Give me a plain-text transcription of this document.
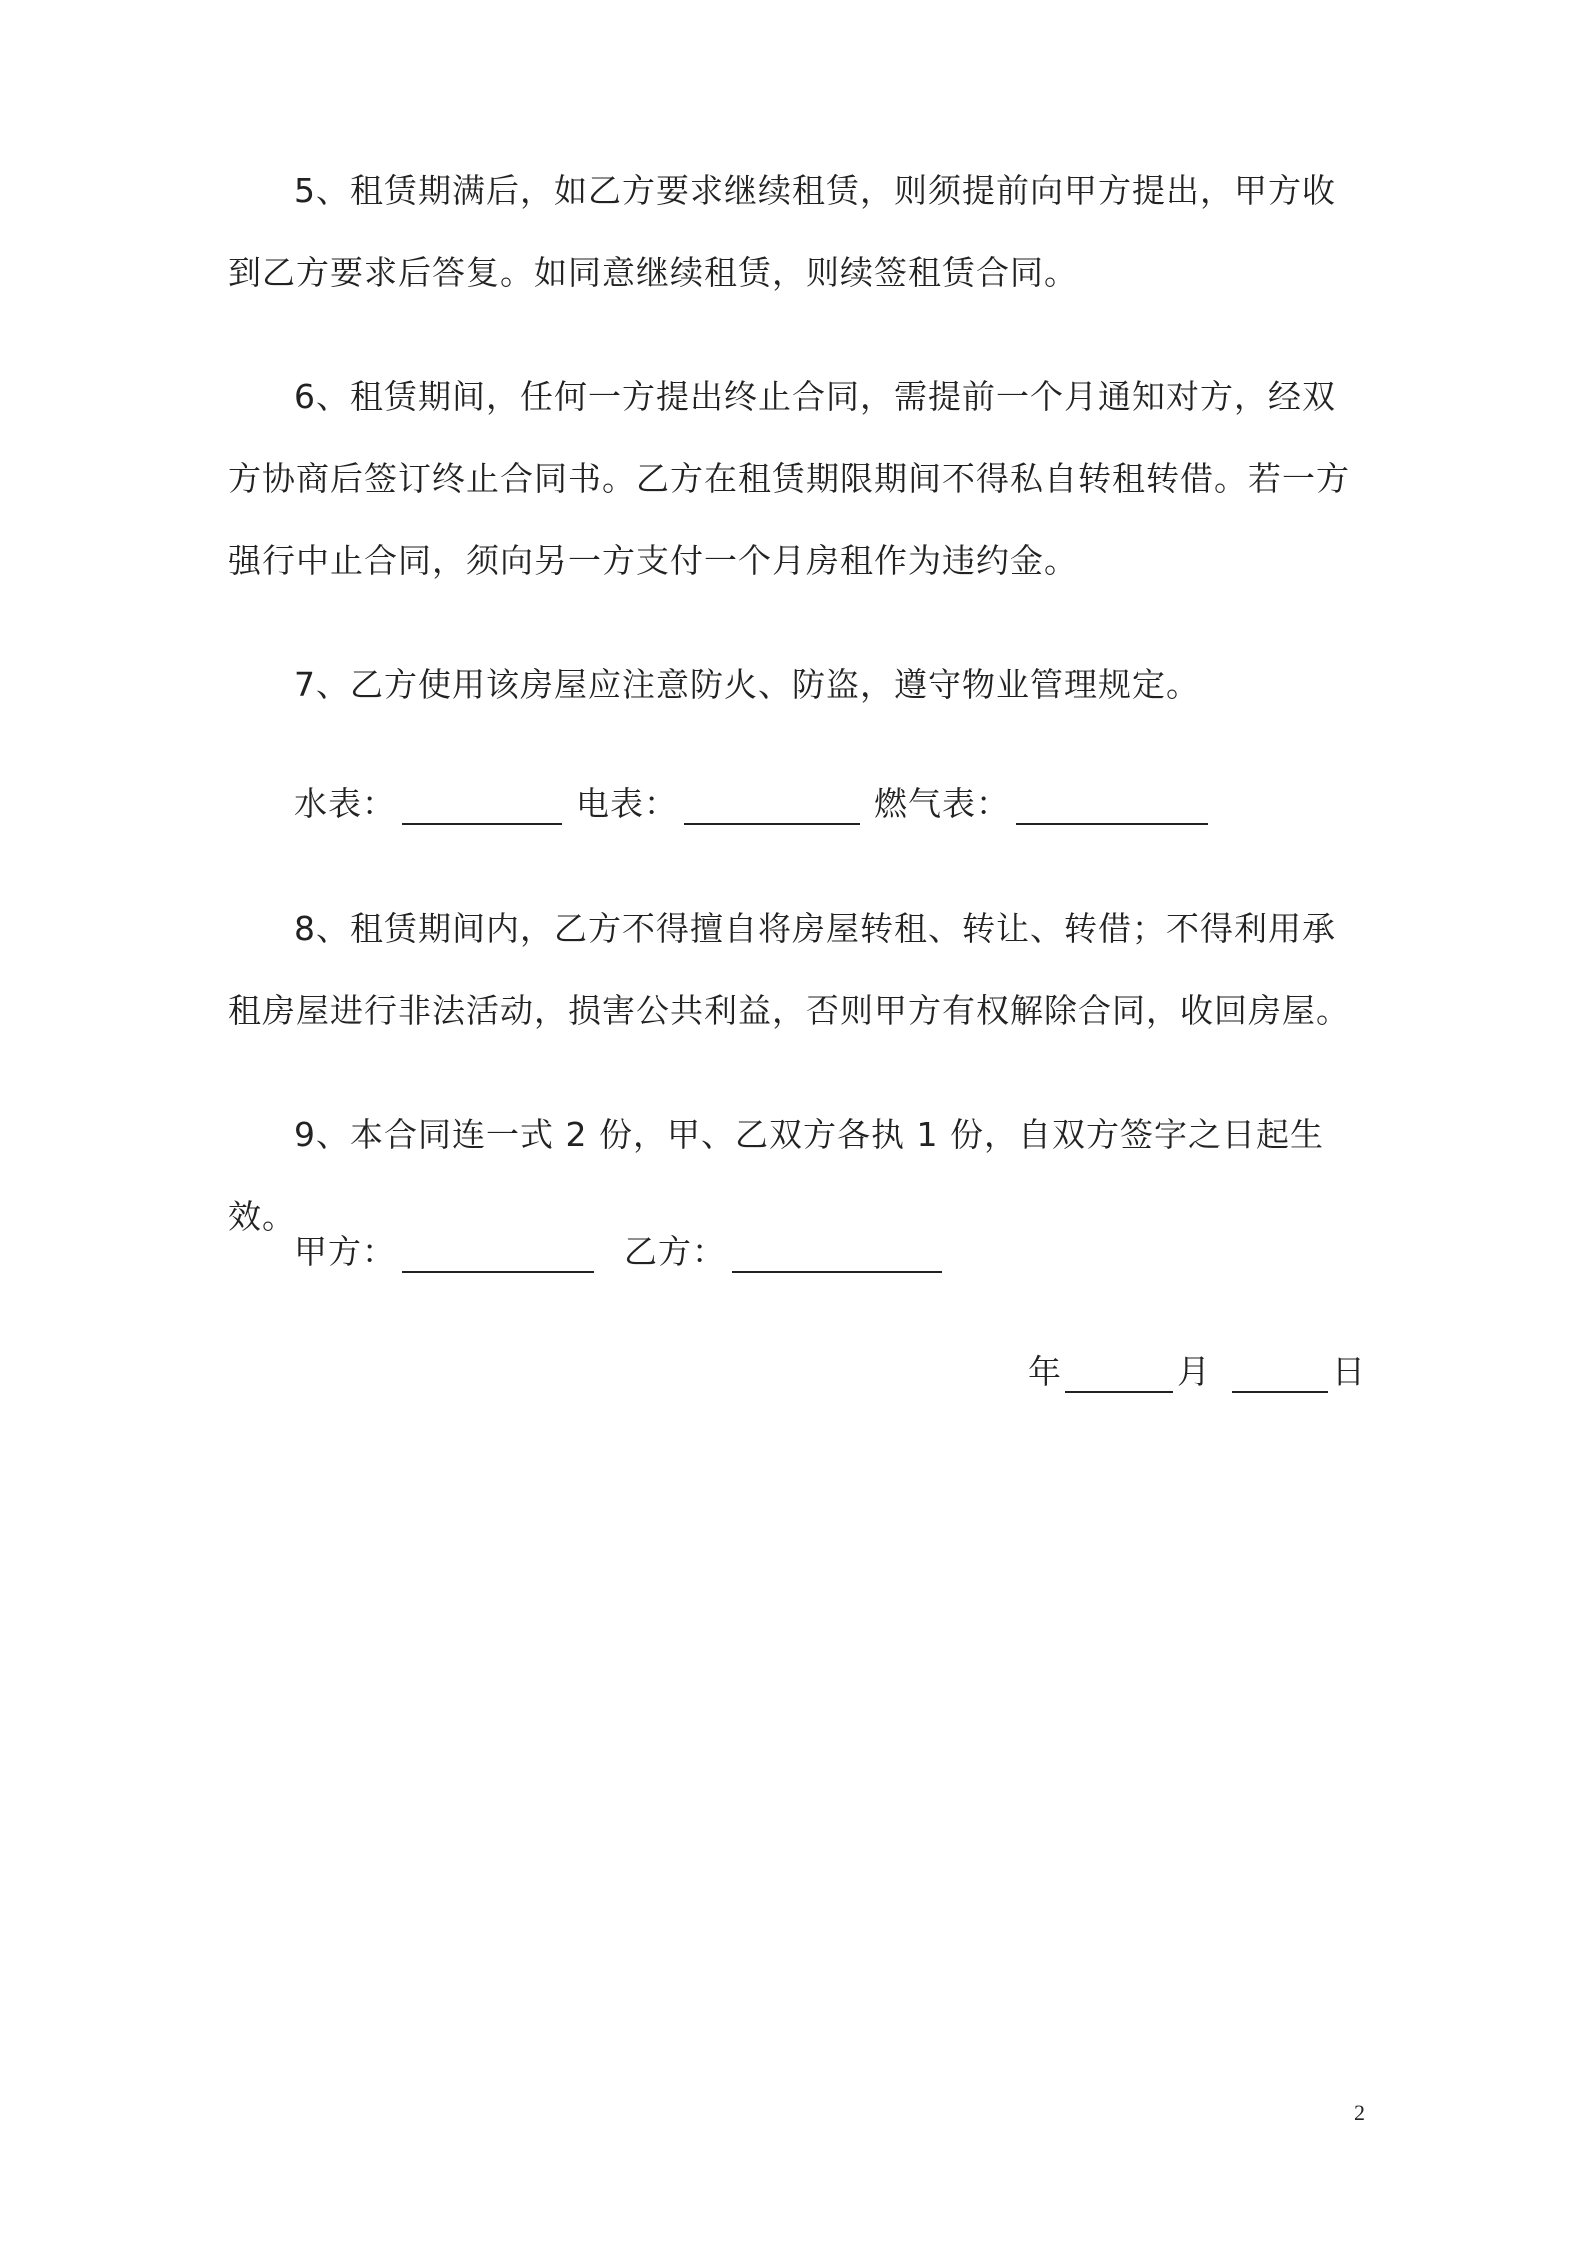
5、租赁期满后，如乙方要求继续租赁，则须提前向甲方提出，甲方收到乙方要求后答复。如同意继续租赁，则续签租赁合同。

6、租赁期间，任何一方提出终止合同，需提前一个月通知对方，经双方协商后签订终止合同书。乙方在租赁期限期间不得私自转租转借。若一方强行中止合同，须向另一方支付一个月房租作为违约金。

7、乙方使用该房屋应注意防火、防盗，遵守物业管理规定。

水表：	电表：	燃气表：

8、租赁期间内，乙方不得擅自将房屋转租、转让、转借；不得利用承租房屋进行非法活动，损害公共利益，否则甲方有权解除合同，收回房屋。

9、本合同连一式 2 份，甲、乙双方各执 1 份，自双方签字之日起生效。

甲方：	乙方：
年	月	日
2
